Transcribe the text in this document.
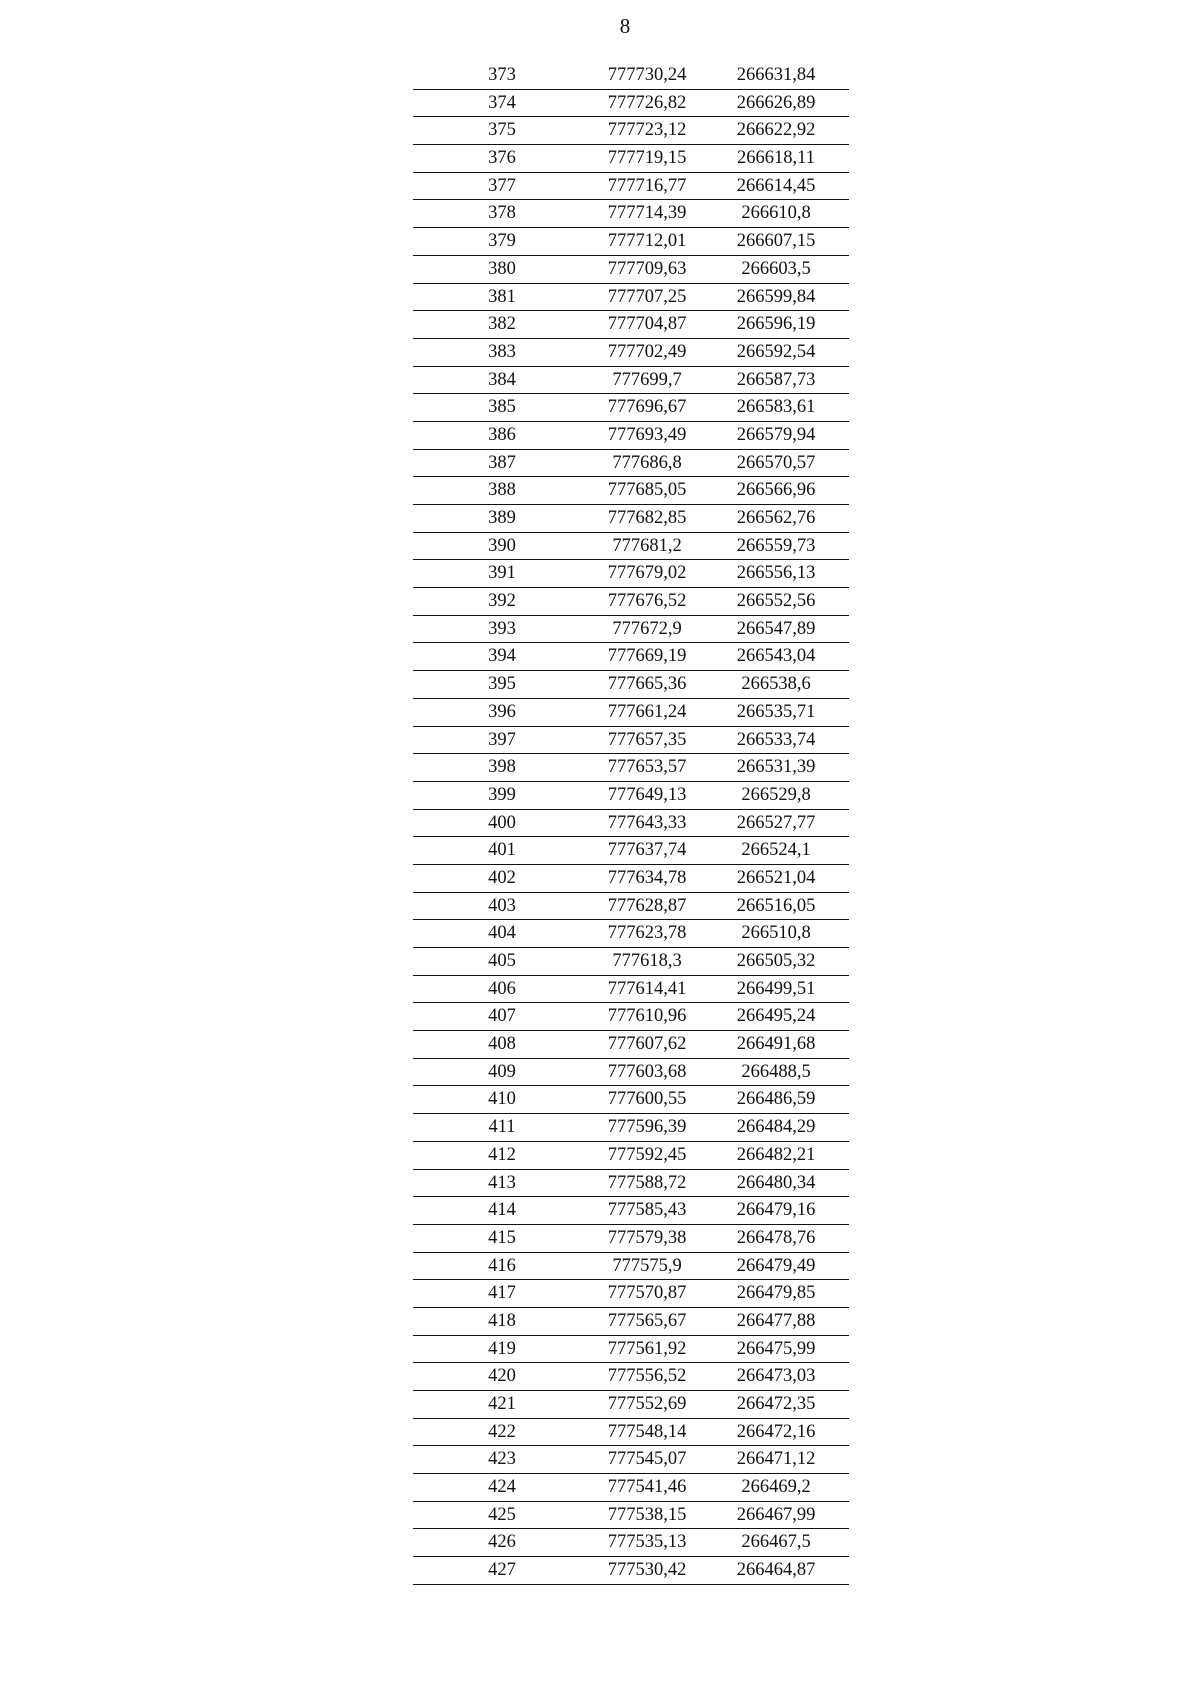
8
373	777730,24	266631,84
374	777726,82	266626,89
375	777723,12	266622,92
376	777719,15	266618,11
377	777716,77	266614,45
378	777714,39	266610,8
379	777712,01	266607,15
380	777709,63	266603,5
381	777707,25	266599,84
382	777704,87	266596,19
383	777702,49	266592,54
384	777699,7	266587,73
385	777696,67	266583,61
386	777693,49	266579,94
387	777686,8	266570,57
388	777685,05	266566,96
389	777682,85	266562,76
390	777681,2	266559,73
391	777679,02	266556,13
392	777676,52	266552,56
393	777672,9	266547,89
394	777669,19	266543,04
395	777665,36	266538,6
396	777661,24	266535,71
397	777657,35	266533,74
398	777653,57	266531,39
399	777649,13	266529,8
400	777643,33	266527,77
401	777637,74	266524,1
402	777634,78	266521,04
403	777628,87	266516,05
404	777623,78	266510,8
405	777618,3	266505,32
406	777614,41	266499,51
407	777610,96	266495,24
408	777607,62	266491,68
409	777603,68	266488,5
410	777600,55	266486,59
411	777596,39	266484,29
412	777592,45	266482,21
413	777588,72	266480,34
414	777585,43	266479,16
415	777579,38	266478,76
416	777575,9	266479,49
417	777570,87	266479,85
418	777565,67	266477,88
419	777561,92	266475,99
420	777556,52	266473,03
421	777552,69	266472,35
422	777548,14	266472,16
423	777545,07	266471,12
424	777541,46	266469,2
425	777538,15	266467,99
426	777535,13	266467,5
427	777530,42	266464,87
